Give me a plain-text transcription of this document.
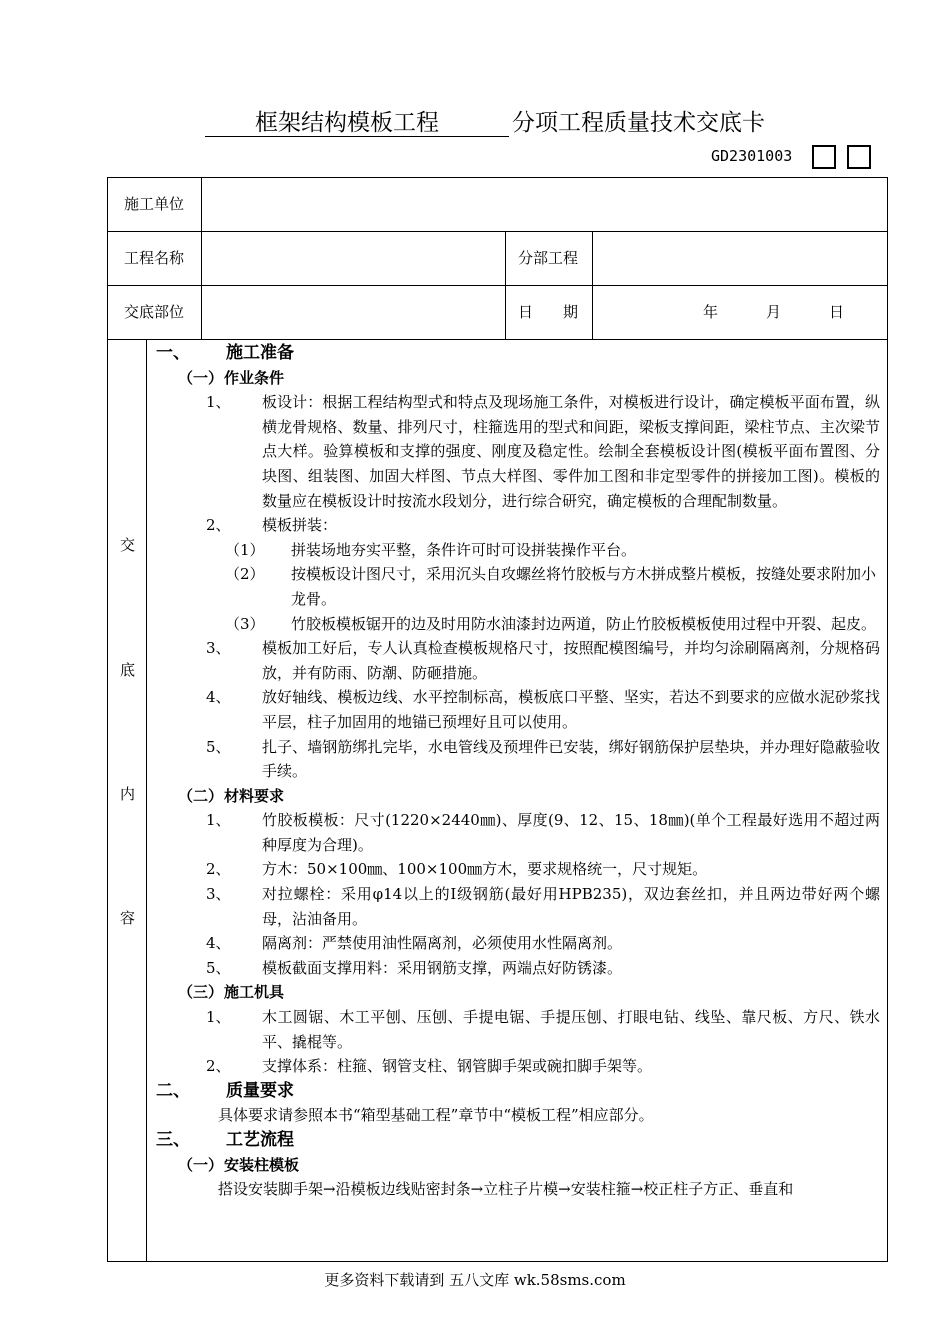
框架结构模板工程	分项工程质量技术交底卡
GD2301003
施工单位
工程名称	分部工程
交底部位	日　　期	年	月	日
交
底
内
容
一、	施工准备
（一） 作业条件
1、	板设计：根据工程结构型式和特点及现场施工条件，对模板进行设计，确定模板平面布置，纵横龙骨规格、数量、排列尺寸，柱箍选用的型式和间距，梁板支撑间距，梁柱节点、主次梁节点大样。验算模板和支撑的强度、刚度及稳定性。绘制全套模板设计图(模板平面布置图、分块图、组装图、加固大样图、节点大样图、零件加工图和非定型零件的拼接加工图)。模板的数量应在模板设计时按流水段划分，进行综合研究，确定模板的合理配制数量。
2、	模板拼装：
（1）	拼装场地夯实平整，条件许可时可设拼装操作平台。
（2）	按模板设计图尺寸，采用沉头自攻螺丝将竹胶板与方木拼成整片模板，按缝处要求附加小龙骨。
（3）	竹胶板模板锯开的边及时用防水油漆封边两道，防止竹胶板模板使用过程中开裂、起皮。
3、	模板加工好后，专人认真检查模板规格尺寸，按照配模图编号，并均匀涂刷隔离剂，分规格码放，并有防雨、防潮、防砸措施。
4、	放好轴线、模板边线、水平控制标高，模板底口平整、坚实，若达不到要求的应做水泥砂浆找平层，柱子加固用的地锚已预埋好且可以使用。
5、	扎子、墙钢筋绑扎完毕，水电管线及预埋件已安装，绑好钢筋保护层垫块，并办理好隐蔽验收手续。
（二） 材料要求
1、	竹胶板模板：尺寸(1220×2440㎜)、厚度(9、12、15、18㎜)(单个工程最好选用不超过两种厚度为合理)。
2、	方木：50×100㎜、100×100㎜方木，要求规格统一，尺寸规矩。
3、	对拉螺栓：采用φ14以上的Ⅰ级钢筋(最好用HPB235)，双边套丝扣，并且两边带好两个螺母，沾油备用。
4、	隔离剂：严禁使用油性隔离剂，必须使用水性隔离剂。
5、	模板截面支撑用料：采用钢筋支撑，两端点好防锈漆。
（三） 施工机具
1、	木工圆锯、木工平刨、压刨、手提电锯、手提压刨、打眼电钻、线坠、靠尺板、方尺、铁水平、撬棍等。
2、	支撑体系：柱箍、钢管支柱、钢管脚手架或碗扣脚手架等。
二、	质量要求
具体要求请参照本书“箱型基础工程”章节中“模板工程”相应部分。
三、	工艺流程
（一） 安装柱模板
搭设安装脚手架→沿模板边线贴密封条→立柱子片模→安装柱箍→校正柱子方正、垂直和
更多资料下载请到 五八文库 wk.58sms.com
